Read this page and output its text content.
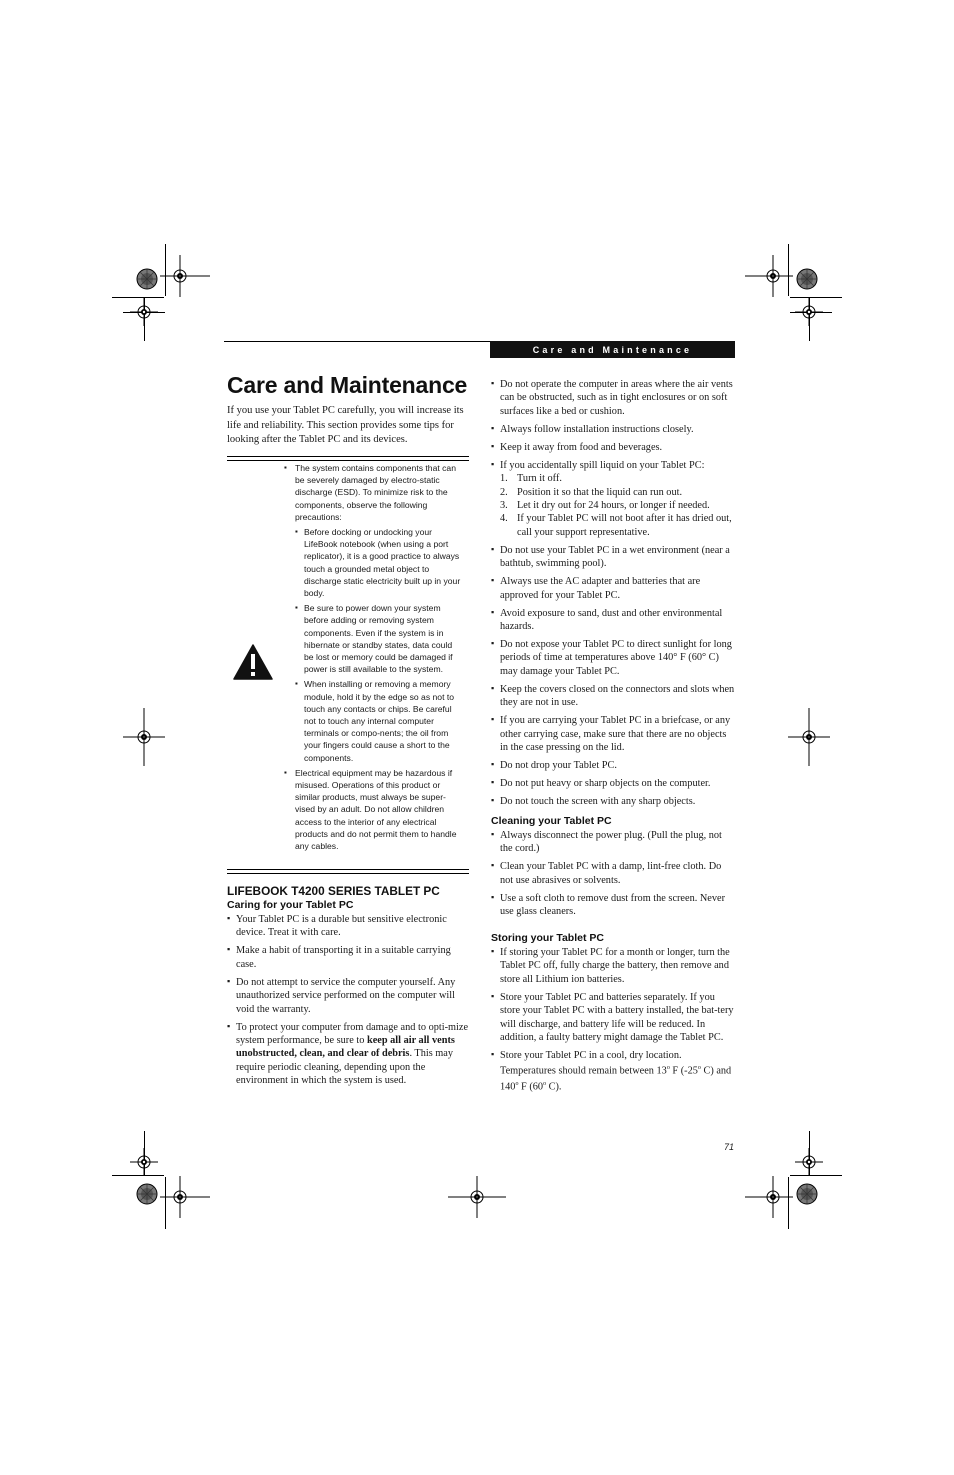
Care and Maintenance
Care and Maintenance

If you use your Tablet PC carefully, you will increase its life and reliability. This section provides some tips for looking after the Tablet PC and its devices.

▪ The system contains components that can be severely damaged by electro-static discharge (ESD). To minimize risk to the components, observe the following precautions:
▪ Before docking or undocking your LifeBook notebook (when using a port replicator), it is a good practice to always touch a grounded metal object to discharge static electricity built up in your body.
▪ Be sure to power down your system before adding or removing system components. Even if the system is in hibernate or standby states, data could be lost or memory could be damaged if power is still available to the system.
▪ When installing or removing a memory module, hold it by the edge so as not to touch any contacts or chips. Be careful not to touch any internal computer terminals or compo-nents; the oil from your fingers could cause a short to the components.
▪ Electrical equipment may be hazardous if misused. Operations of this product or similar products, must always be super-vised by an adult. Do not allow children access to the interior of any electrical products and do not permit them to handle any cables.
LIFEBOOK T4200 SERIES TABLET PC
Caring for your Tablet PC
▪ Your Tablet PC is a durable but sensitive electronic device. Treat it with care.
▪ Make a habit of transporting it in a suitable carrying case.
▪ Do not attempt to service the computer yourself. Any unauthorized service performed on the computer will void the warranty.
▪ To protect your computer from damage and to opti-mize system performance, be sure to keep all air all vents unobstructed, clean, and clear of debris. This may require periodic cleaning, depending upon the environment in which the system is used.
▪ Do not operate the computer in areas where the air vents can be obstructed, such as in tight enclosures or on soft surfaces like a bed or cushion.
▪ Always follow installation instructions closely.
▪ Keep it away from food and beverages.
▪ If you accidentally spill liquid on your Tablet PC:
1. Turn it off.
2. Position it so that the liquid can run out.
3. Let it dry out for 24 hours, or longer if needed.
4. If your Tablet PC will not boot after it has dried out, call your support representative.
▪ Do not use your Tablet PC in a wet environment (near a bathtub, swimming pool).
▪ Always use the AC adapter and batteries that are approved for your Tablet PC.
▪ Avoid exposure to sand, dust and other environmental hazards.
▪ Do not expose your Tablet PC to direct sunlight for long periods of time at temperatures above 140° F (60° C) may damage your Tablet PC.
▪ Keep the covers closed on the connectors and slots when they are not in use.
▪ If you are carrying your Tablet PC in a briefcase, or any other carrying case, make sure that there are no objects in the case pressing on the lid.
▪ Do not drop your Tablet PC.
▪ Do not put heavy or sharp objects on the computer.
▪ Do not touch the screen with any sharp objects.
Cleaning your Tablet PC
▪ Always disconnect the power plug. (Pull the plug, not the cord.)
▪ Clean your Tablet PC with a damp, lint-free cloth. Do not use abrasives or solvents.
▪ Use a soft cloth to remove dust from the screen. Never use glass cleaners.
Storing your Tablet PC
▪ If storing your Tablet PC for a month or longer, turn the Tablet PC off, fully charge the battery, then remove and store all Lithium ion batteries.
▪ Store your Tablet PC and batteries separately. If you store your Tablet PC with a battery installed, the bat-tery will discharge, and battery life will be reduced. In addition, a faulty battery might damage the Tablet PC.
▪ Store your Tablet PC in a cool, dry location. Temperatures should remain between 13$^o$ F (-25$^o$ C) and 140$^o$ F (60$^o$ C).
71
